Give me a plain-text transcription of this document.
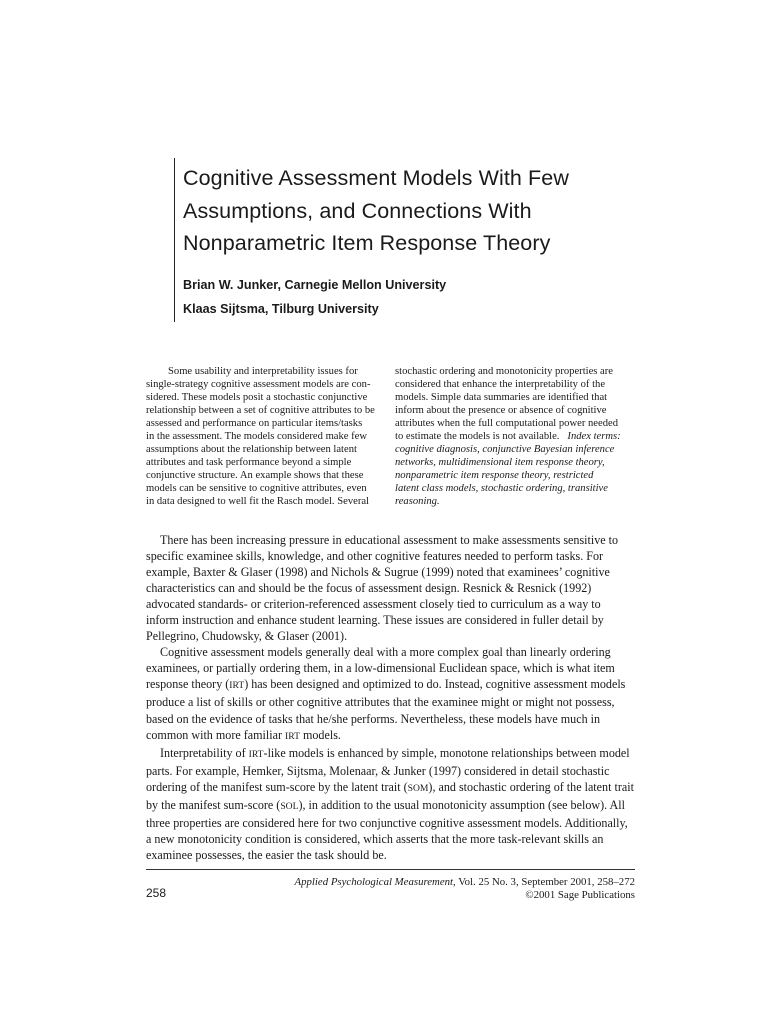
Cognitive Assessment Models With Few
Assumptions, and Connections With
Nonparametric Item Response Theory

Brian W. Junker, Carnegie Mellon University

Klaas Sijtsma, Tilburg University

Some usability and interpretability issues for
single-strategy cognitive assessment models are con-
sidered. These models posit a stochastic conjunctive
relationship between a set of cognitive attributes to be
assessed and performance on particular items/tasks
in the assessment. The models considered make few
assumptions about the relationship between latent
attributes and task performance beyond a simple
conjunctive structure. An example shows that these
models can be sensitive to cognitive attributes, even
in data designed to well fit the Rasch model. Several
stochastic ordering and monotonicity properties are
considered that enhance the interpretability of the
models. Simple data summaries are identified that
inform about the presence or absence of cognitive
attributes when the full computational power needed
to estimate the models is not available. Index terms:
cognitive diagnosis, conjunctive Bayesian inference
networks, multidimensional item response theory,
nonparametric item response theory, restricted
latent class models, stochastic ordering, transitive
reasoning.
There has been increasing pressure in educational assessment to make assessments sensitive to
specific examinee skills, knowledge, and other cognitive features needed to perform tasks. For
example, Baxter & Glaser (1998) and Nichols & Sugrue (1999) noted that examinees’ cognitive
characteristics can and should be the focus of assessment design. Resnick & Resnick (1992)
advocated standards- or criterion-referenced assessment closely tied to curriculum as a way to
inform instruction and enhance student learning. These issues are considered in fuller detail by
Pellegrino, Chudowsky, & Glaser (2001).
Cognitive assessment models generally deal with a more complex goal than linearly ordering
examinees, or partially ordering them, in a low-dimensional Euclidean space, which is what item
response theory (IRT) has been designed and optimized to do. Instead, cognitive assessment models
produce a list of skills or other cognitive attributes that the examinee might or might not possess,
based on the evidence of tasks that he/she performs. Nevertheless, these models have much in
common with more familiar IRT models.
Interpretability of IRT-like models is enhanced by simple, monotone relationships between model
parts. For example, Hemker, Sijtsma, Molenaar, & Junker (1997) considered in detail stochastic
ordering of the manifest sum-score by the latent trait (SOM), and stochastic ordering of the latent trait
by the manifest sum-score (SOL), in addition to the usual monotonicity assumption (see below). All
three properties are considered here for two conjunctive cognitive assessment models. Additionally,
a new monotonicity condition is considered, which asserts that the more task-relevant skills an
examinee possesses, the easier the task should be.
Applied Psychological Measurement, Vol. 25 No. 3, September 2001, 258–272
©2001 Sage Publications
258
